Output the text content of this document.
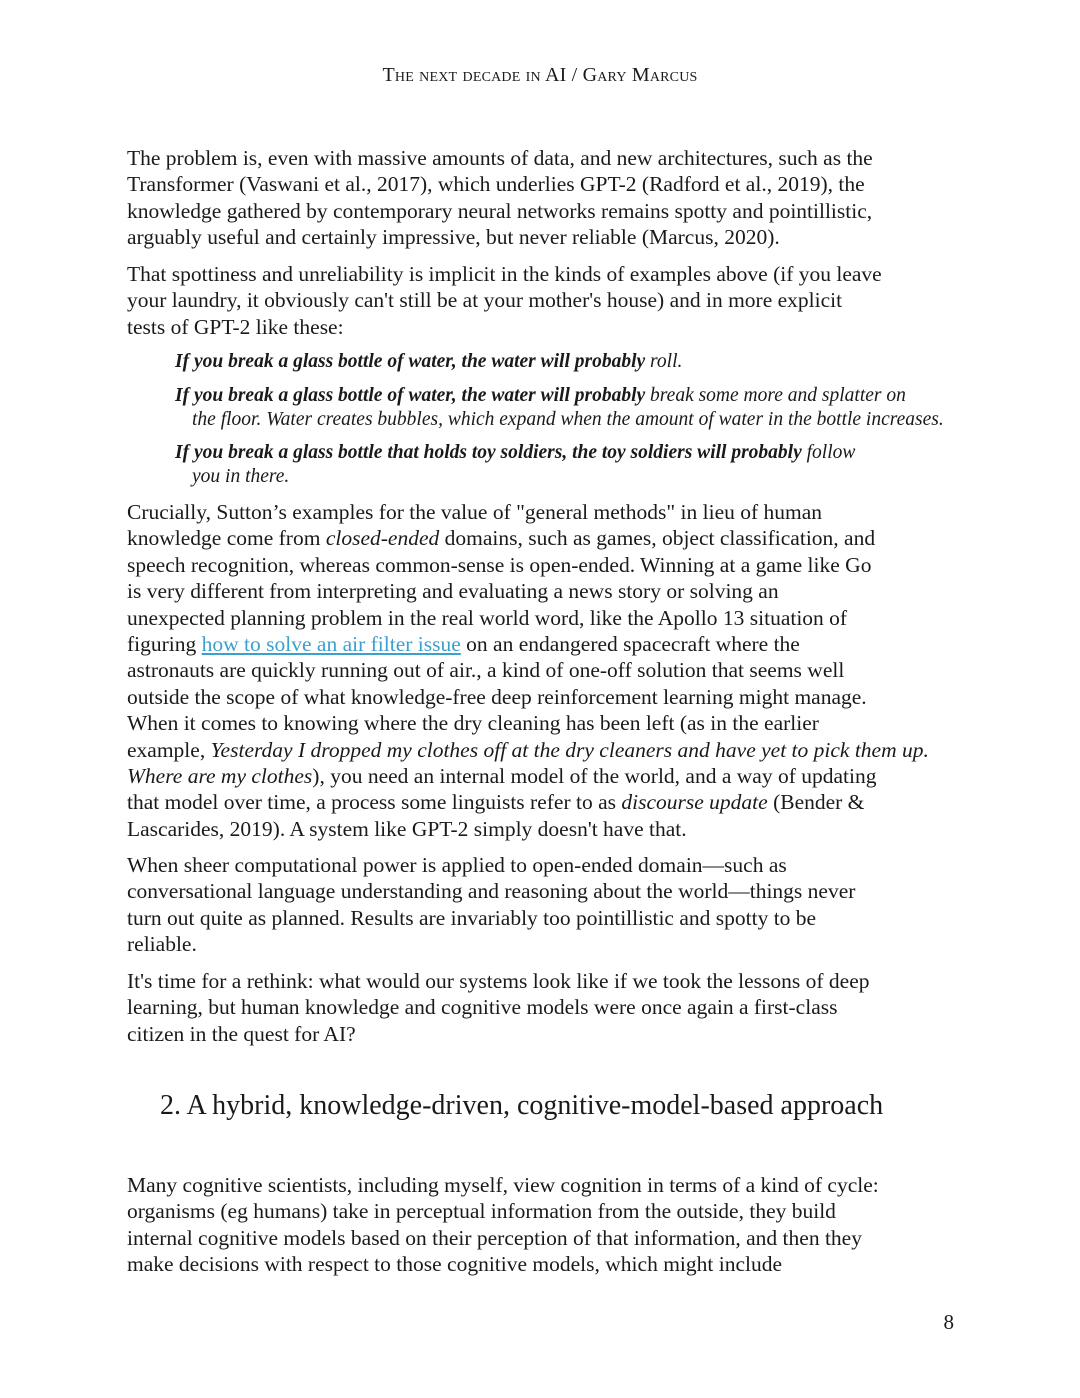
The next decade in AI / Gary Marcus
The problem is, even with massive amounts of data, and new architectures, such as the
Transformer (Vaswani et al., 2017), which underlies GPT-2 (Radford et al., 2019), the
knowledge gathered by contemporary neural networks remains spotty and pointillistic,
arguably useful and certainly impressive, but never reliable (Marcus, 2020).
That spottiness and unreliability is implicit in the kinds of examples above (if you leave
your laundry, it obviously can't still be at your mother's house) and in more explicit
tests of GPT-2 like these:
If you break a glass bottle of water, the water will probably roll.
If you break a glass bottle of water, the water will probably break some more and splatter on
the floor. Water creates bubbles, which expand when the amount of water in the bottle increases.
If you break a glass bottle that holds toy soldiers, the toy soldiers will probably follow
you in there.
Crucially, Sutton’s examples for the value of "general methods" in lieu of human
knowledge come from closed-ended domains, such as games, object classification, and
speech recognition, whereas common-sense is open-ended. Winning at a game like Go
is very different from interpreting and evaluating a news story or solving an
unexpected planning problem in the real world word, like the Apollo 13 situation of
figuring how to solve an air filter issue on an endangered spacecraft where the
astronauts are quickly running out of air., a kind of one-off solution that seems well
outside the scope of what knowledge-free deep reinforcement learning might manage.
When it comes to knowing where the dry cleaning has been left (as in the earlier
example, Yesterday I dropped my clothes off at the dry cleaners and have yet to pick them up.
Where are my clothes), you need an internal model of the world, and a way of updating
that model over time, a process some linguists refer to as discourse update (Bender &
Lascarides, 2019). A system like GPT-2 simply doesn't have that.
When sheer computational power is applied to open-ended domain—such as
conversational language understanding and reasoning about the world—things never
turn out quite as planned. Results are invariably too pointillistic and spotty to be
reliable.
It's time for a rethink: what would our systems look like if we took the lessons of deep
learning, but human knowledge and cognitive models were once again a first-class
citizen in the quest for AI?
2. A hybrid, knowledge-driven, cognitive-model-based approach
Many cognitive scientists, including myself, view cognition in terms of a kind of cycle:
organisms (eg humans) take in perceptual information from the outside, they build
internal cognitive models based on their perception of that information, and then they
make decisions with respect to those cognitive models, which might include
8
